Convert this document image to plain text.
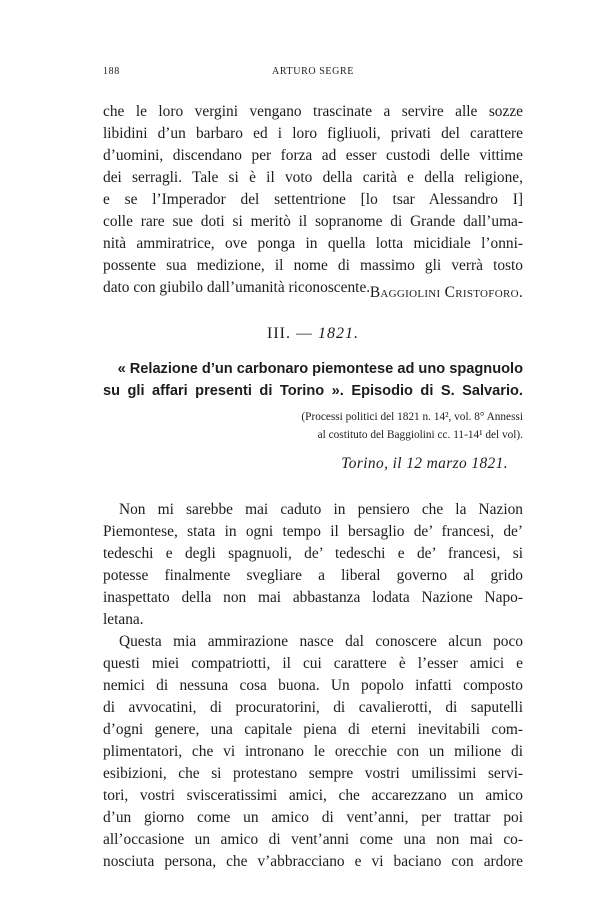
188	ARTURO SEGRE
che le loro vergini vengano trascinate a servire alle sozze
libidini d’un barbaro ed i loro figliuoli, privati del carattere
d’uomini, discendano per forza ad esser custodi delle vittime
dei serragli. Tale si è il voto della carità e della religione,
e se l’Imperador del settentrione [lo tsar Alessandro I]
colle rare sue doti si meritò il sopranome di Grande dall’uma-
nità ammiratrice, ove ponga in quella lotta micidiale l’onni-
possente sua medizione, il nome di massimo gli verrà tosto
dato con giubilo dall’umanità riconoscente. Baggiolini Cristoforo.
III. — 1821.
« Relazione d’un carbonaro piemontese ad uno spagnuolo
su gli affari presenti di Torino ». Episodio di S. Salvario.
(Processi politici del 1821 n. 14², vol. 8° Annessi
al costituto del Baggiolini cc. 11-14¹ del vol).
Torino, il 12 marzo 1821.
Non mi sarebbe mai caduto in pensiero che la Nazion
Piemontese, stata in ogni tempo il bersaglio de’ francesi, de’
tedeschi e degli spagnuoli, de’ tedeschi e de’ francesi, si
potesse finalmente svegliare a liberal governo al grido
inaspettato della non mai abbastanza lodata Nazione Napo-
letana.
Questa mia ammirazione nasce dal conoscere alcun poco
questi miei compatriotti, il cui carattere è l’esser amici e
nemici di nessuna cosa buona. Un popolo infatti composto
di avvocatini, di procuratorini, di cavalierotti, di saputelli
d’ogni genere, una capitale piena di eterni inevitabili com-
plimentatori, che vi intronano le orecchie con un milione di
esibizioni, che si protestano sempre vostri umilissimi servi-
tori, vostri svisceratissimi amici, che accarezzano un amico
d’un giorno come un amico di vent’anni, per trattar poi
all’occasione un amico di vent’anni come una non mai co-
nosciuta persona, che v’abbracciano e vi baciano con ardore
